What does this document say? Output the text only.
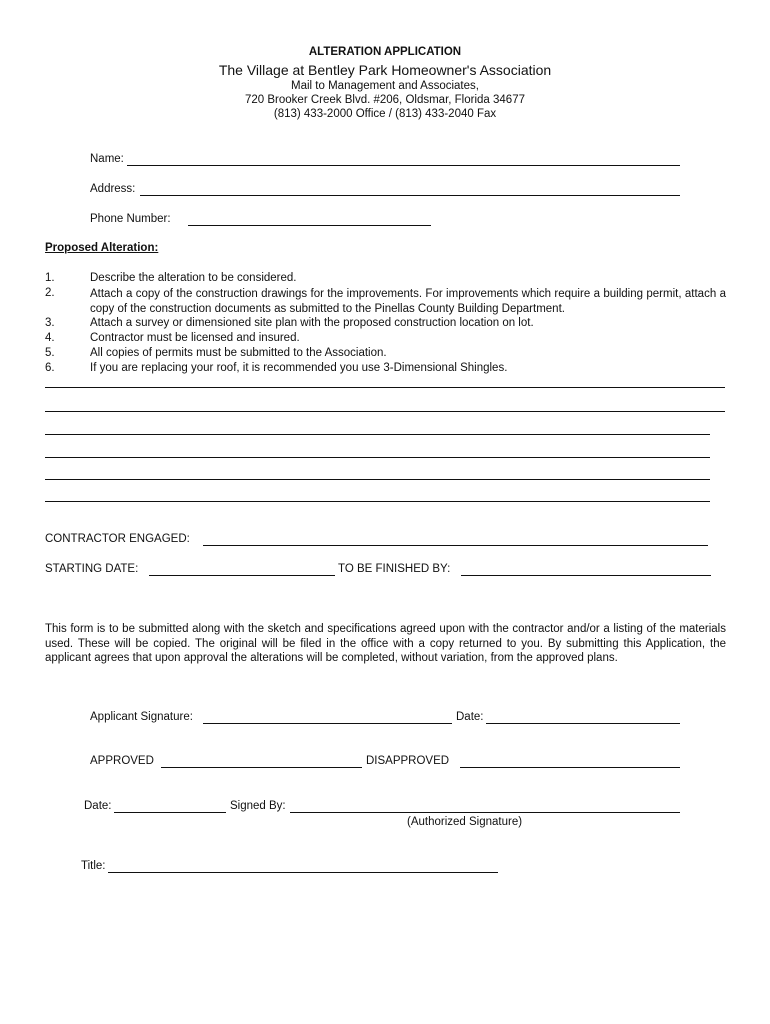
ALTERATION APPLICATION
The Village at Bentley Park Homeowner's Association
Mail to Management and Associates,
720 Brooker Creek Blvd. #206, Oldsmar, Florida 34677
(813) 433-2000 Office / (813) 433-2040 Fax
Name:
Address:
Phone Number:
Proposed Alteration:
1.	Describe the alteration to be considered.
2.	Attach a copy of the construction drawings for the improvements. For improvements which require a building permit, attach a copy of the construction documents as submitted to the Pinellas County Building Department.
3.	Attach a survey or dimensioned site plan with the proposed construction location on lot.
4.	Contractor must be licensed and insured.
5.	All copies of permits must be submitted to the Association.
6.	If you are replacing your roof, it is recommended you use 3-Dimensional Shingles.
CONTRACTOR ENGAGED:
STARTING DATE:	TO BE FINISHED BY:
This form is to be submitted along with the sketch and specifications agreed upon with the contractor and/or a listing of the materials used. These will be copied. The original will be filed in the office with a copy returned to you. By submitting this Application, the applicant agrees that upon approval the alterations will be completed, without variation, from the approved plans.
Applicant Signature:	Date:
APPROVED	DISAPPROVED
Date:	Signed By:
(Authorized Signature)
Title:
